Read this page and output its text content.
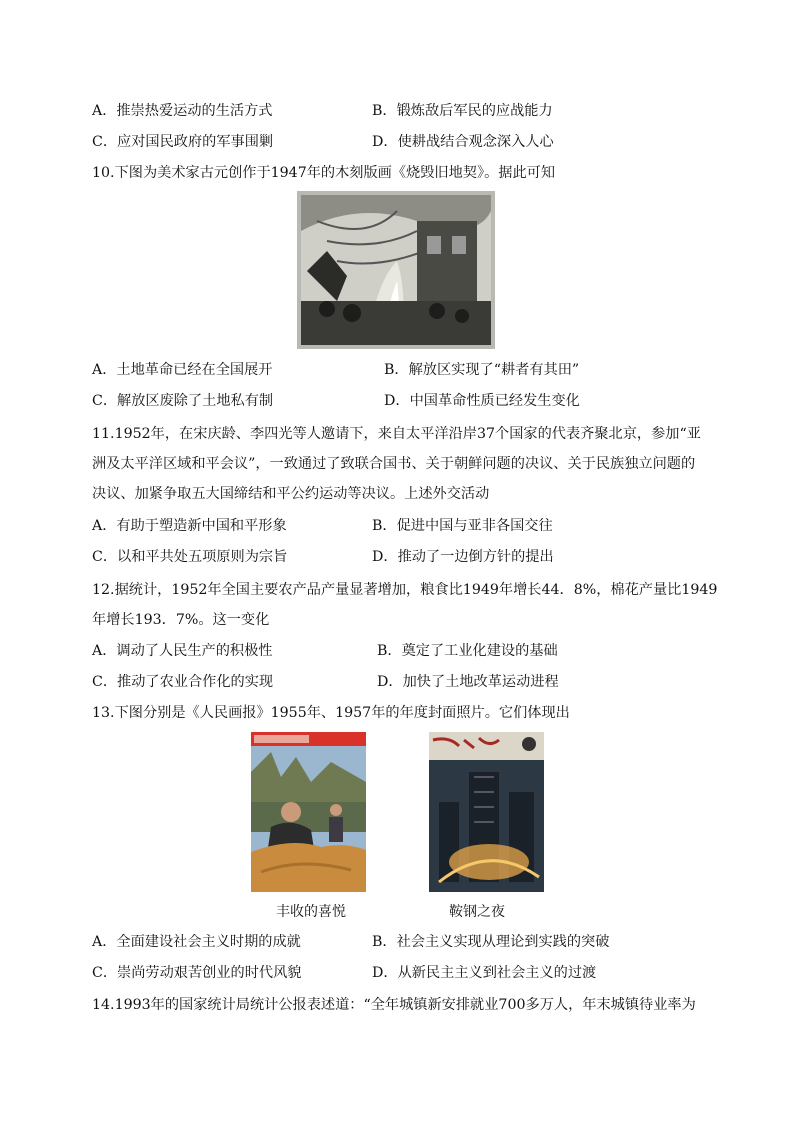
A．推崇热爱运动的生活方式	B．锻炼敌后军民的应战能力
C．应对国民政府的军事围剿	D．使耕战结合观念深入人心
10.下图为美术家古元创作于1947年的木刻版画《烧毁旧地契》。据此可知
A．土地革命已经在全国展开	B．解放区实现了“耕者有其田”
C．解放区废除了土地私有制	D．中国革命性质已经发生变化
11.1952年，在宋庆龄、李四光等人邀请下，来自太平洋沿岸37个国家的代表齐聚北京，参加“亚
洲及太平洋区域和平会议”，一致通过了致联合国书、关于朝鲜问题的决议、关于民族独立问题的
决议、加紧争取五大国缔结和平公约运动等决议。上述外交活动
A．有助于塑造新中国和平形象	B．促进中国与亚非各国交往
C．以和平共处五项原则为宗旨	D．推动了一边倒方针的提出
12.据统计，1952年全国主要农产品产量显著增加，粮食比1949年增长44．8%，棉花产量比1949
年增长193．7%。这一变化
A．调动了人民生产的积极性	B．奠定了工业化建设的基础
C．推动了农业合作化的实现	D．加快了土地改革运动进程
13.下图分别是《人民画报》1955年、1957年的年度封面照片。它们体现出
丰收的喜悦	鞍钢之夜
A．全面建设社会主义时期的成就	B．社会主义实现从理论到实践的突破
C．崇尚劳动艰苦创业的时代风貌	D．从新民主主义到社会主义的过渡
14.1993年的国家统计局统计公报表述道：“全年城镇新安排就业700多万人，年末城镇待业率为
